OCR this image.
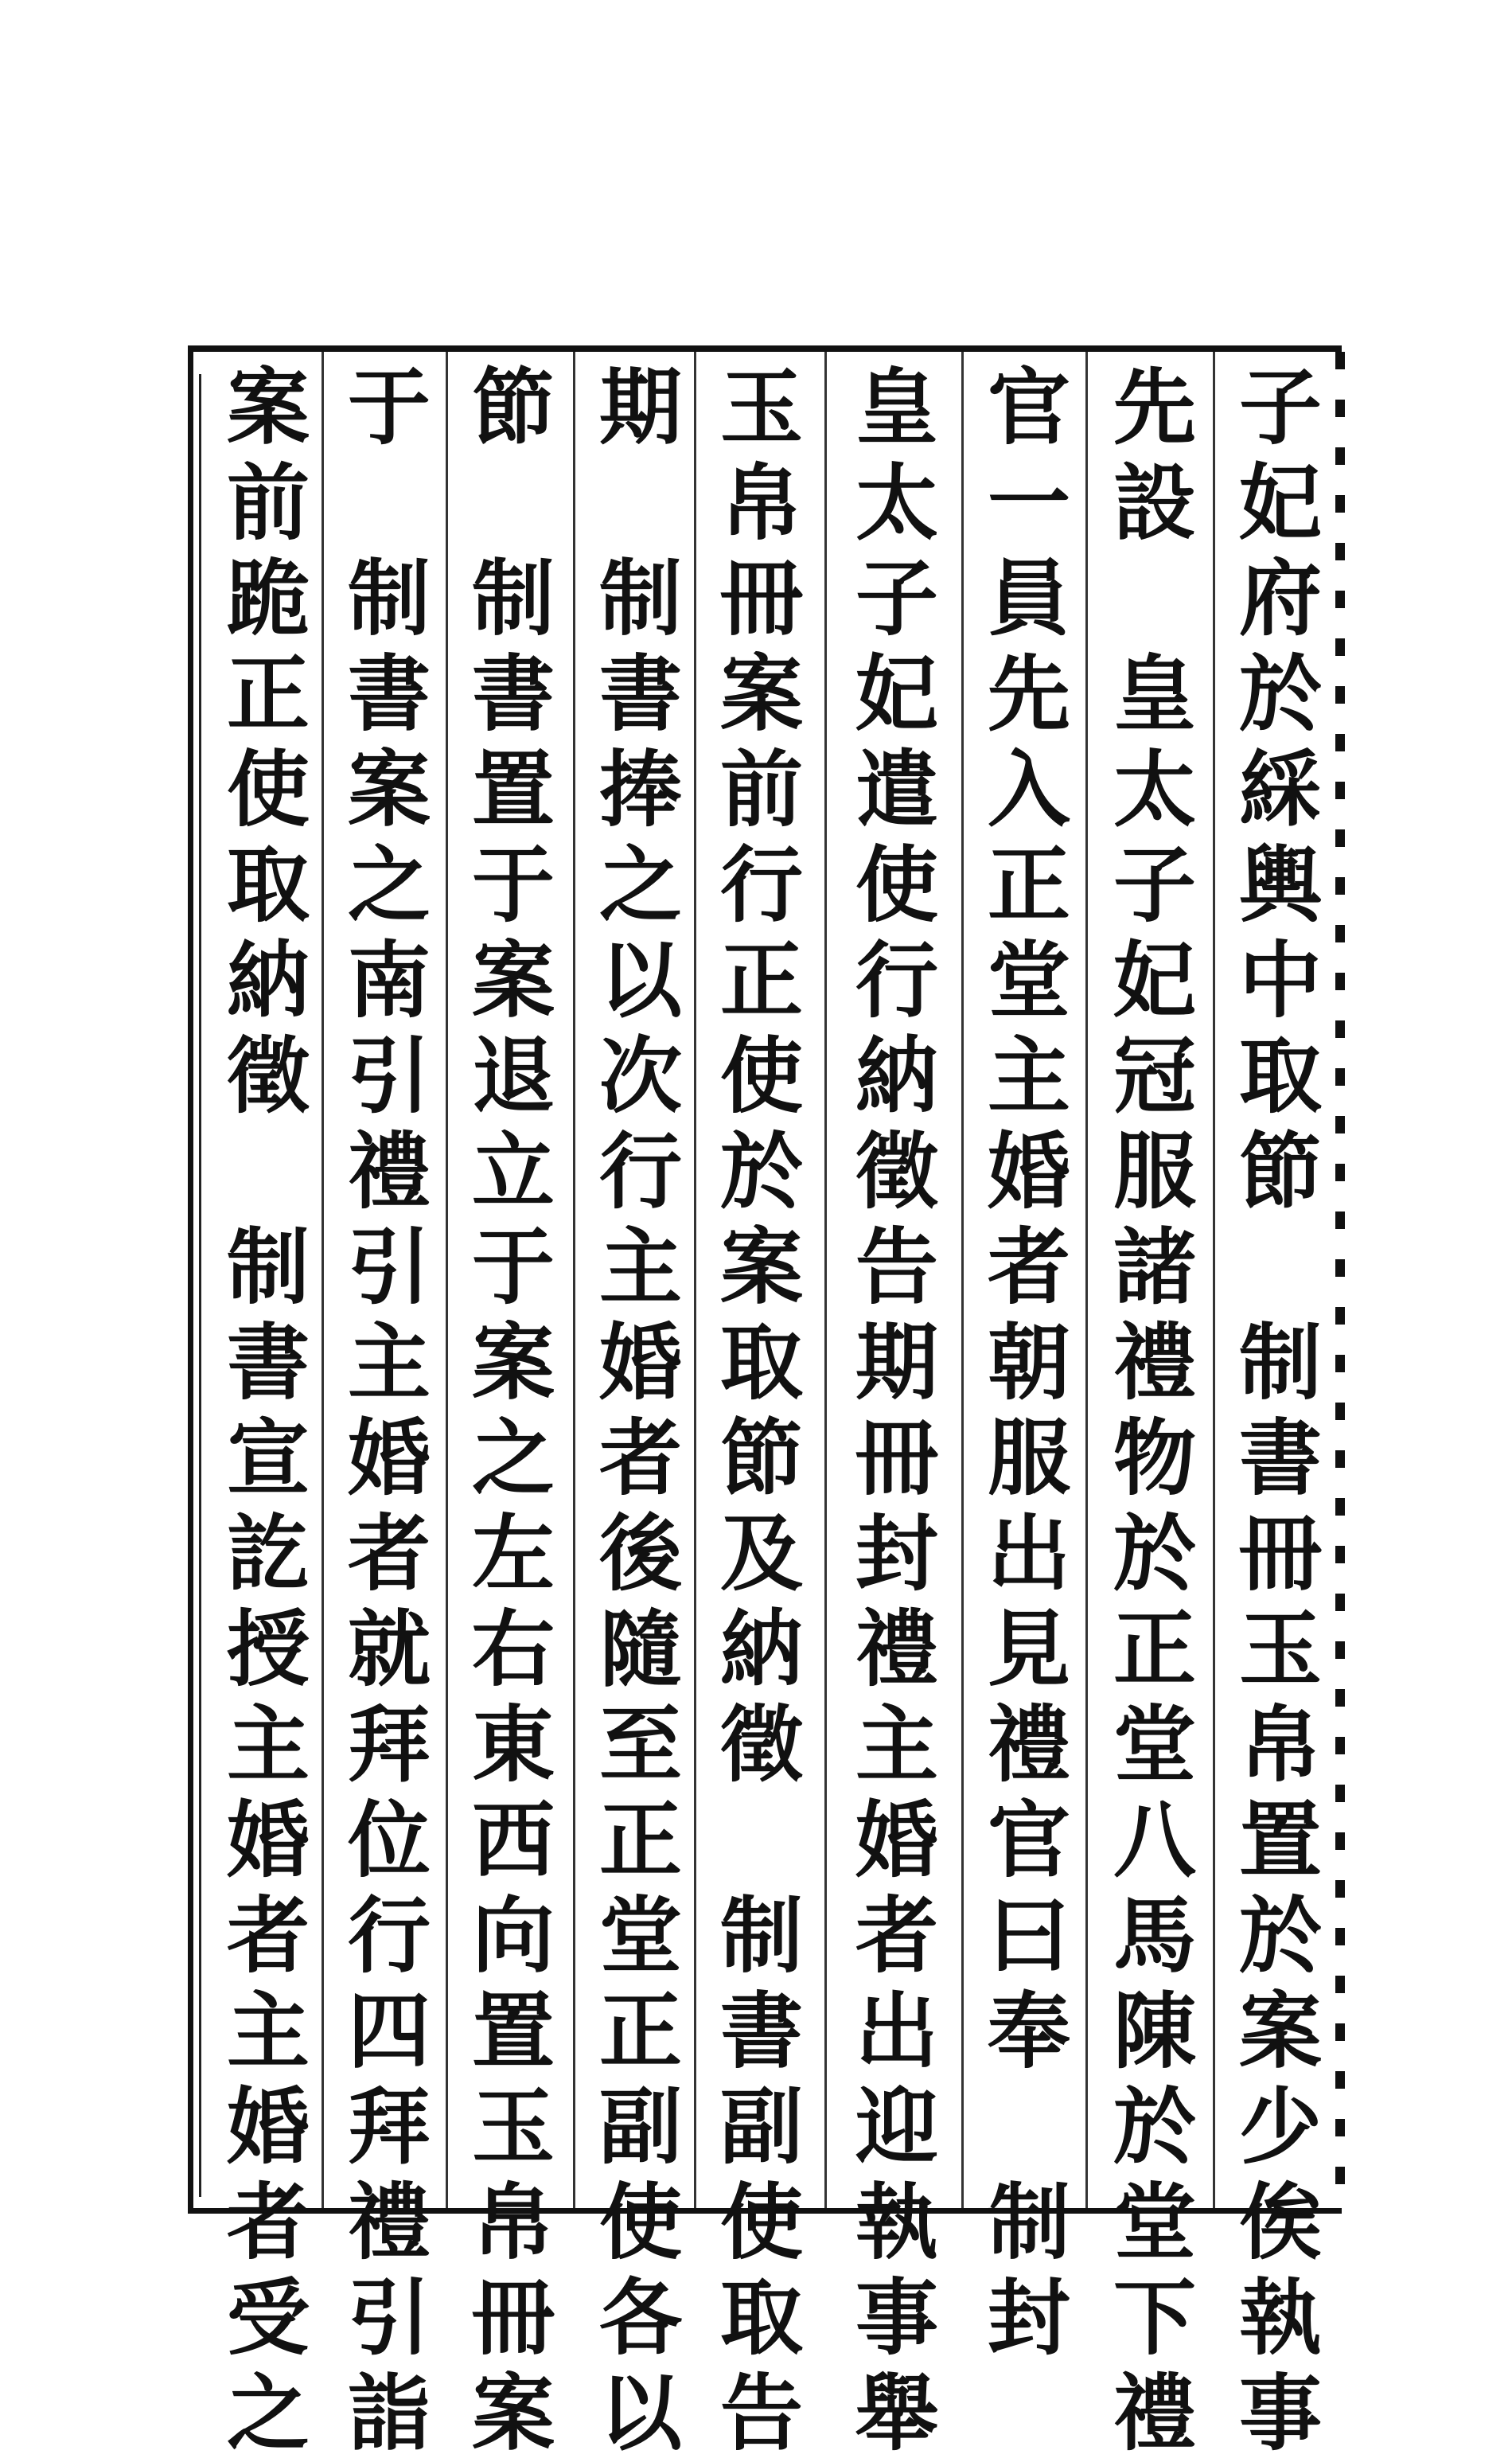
子
妃
府
於
綵
輿
中
取
節

制
書
冊
玉
帛
置
於
案
少
俟
執
事
先
設

皇
太
子
妃
冠
服
諸
禮
物
於
正
堂
八
馬
陳
於
堂
下
禮
官
一
員
先
入
正
堂
主
婚
者
朝
服
出
見
禮
官
曰
奉

制
封
皇
太
子
妃
遣
使
行
納
徵
告
期
冊
封
禮
主
婚
者
出
迎
執
事
舉
玉
帛
冊
案
前
行
正
使
於
案
取
節
及
納
徵

制
書
副
使
取
告
期

制
書
捧
之
以
次
行
主
婚
者
後
隨
至
正
堂
正
副
使
各
以
節

制
書
置
于
案
退
立
于
案
之
左
右
東
西
向
置
玉
帛
冊
案
于

制
書
案
之
南
引
禮
引
主
婚
者
就
拜
位
行
四
拜
禮
引
詣
案
前
跪
正
使
取
納
徵

制
書
宣
訖
授
主
婚
者
主
婚
者
受
之
